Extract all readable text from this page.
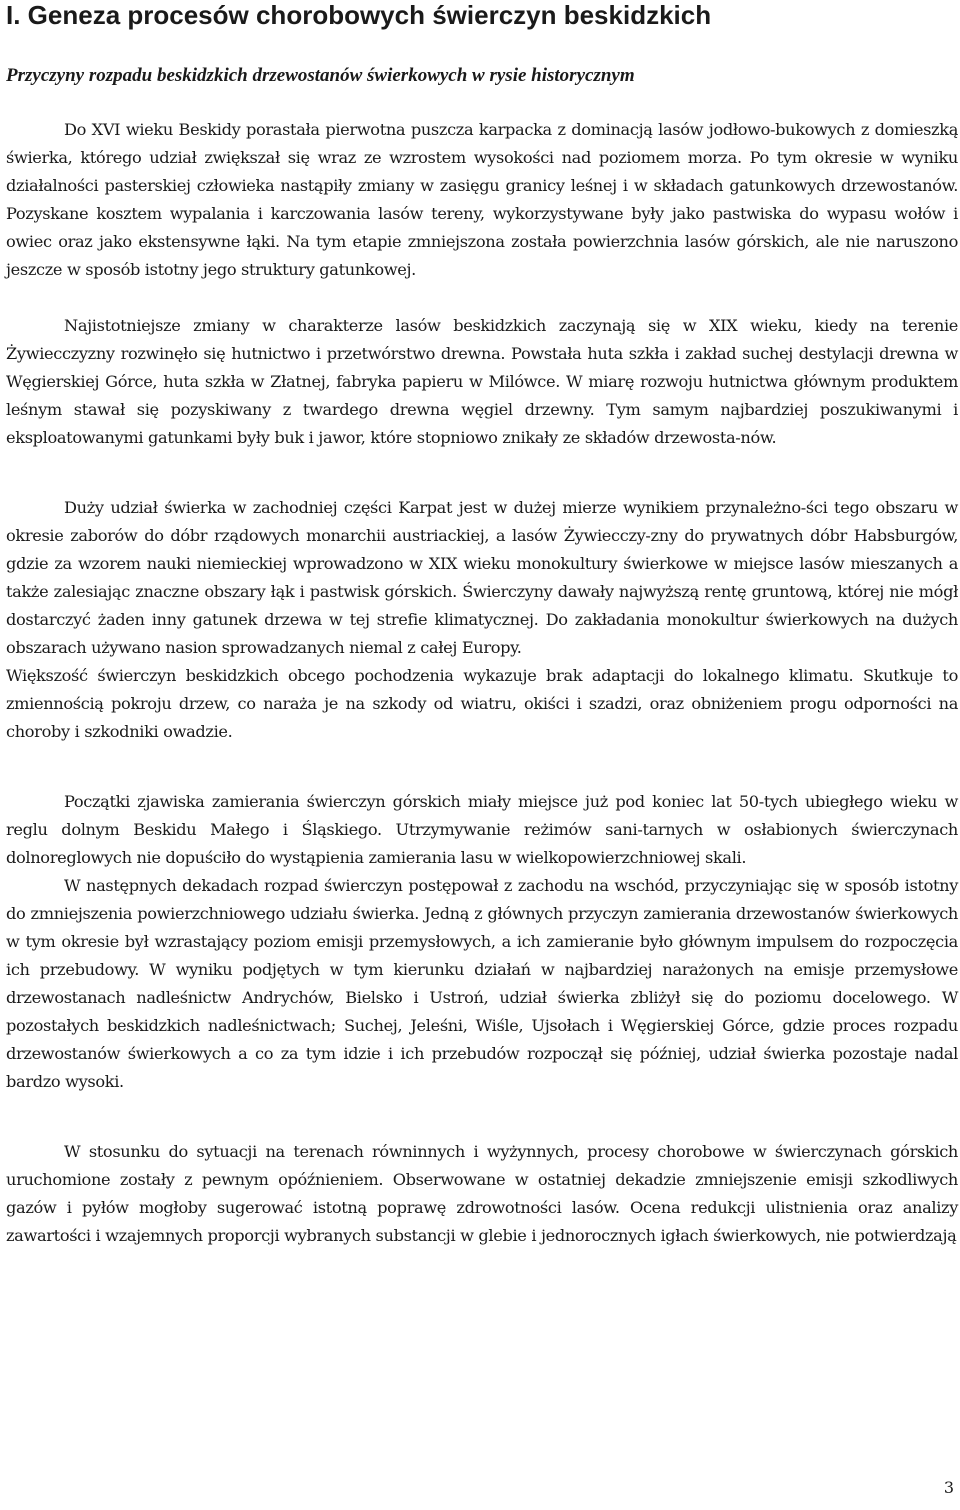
I. Geneza procesów chorobowych świerczyn beskidzkich
Przyczyny rozpadu beskidzkich drzewostanów świerkowych w rysie historycznym

Do XVI wieku Beskidy porastała pierwotna puszcza karpacka z dominacją lasów jodłowo-bukowych z domieszką świerka, którego udział zwiększał się wraz ze wzrostem wysokości nad poziomem morza. Po tym okresie w wyniku działalności pasterskiej człowieka nastąpiły zmiany w zasięgu granicy leśnej i w składach gatunkowych drzewostanów. Pozyskane kosztem wypalania i karczowania lasów tereny, wykorzystywane były jako pastwiska do wypasu wołów i owiec oraz jako ekstensywne łąki. Na tym etapie zmniejszona została powierzchnia lasów górskich, ale nie naruszono jeszcze w sposób istotny jego struktury gatunkowej.

Najistotniejsze zmiany w charakterze lasów beskidzkich zaczynają się w XIX wieku, kiedy na terenie Żywiecczyzny rozwinęło się hutnictwo i przetwórstwo drewna. Powstała huta szkła i zakład suchej destylacji drewna w Węgierskiej Górce, huta szkła w Złatnej, fabryka papieru w Milówce. W miarę rozwoju hutnictwa głównym produktem leśnym stawał się pozyskiwany z twardego drewna węgiel drzewny. Tym samym najbardziej poszukiwanymi i eksploatowanymi gatunkami były buk i jawor, które stopniowo znikały ze składów drzewosta-nów.

Duży udział świerka w zachodniej części Karpat jest w dużej mierze wynikiem przynależno-ści tego obszaru w okresie zaborów do dóbr rządowych monarchii austriackiej, a lasów Żywiecczy-zny do prywatnych dóbr Habsburgów, gdzie za wzorem nauki niemieckiej wprowadzono w XIX wieku monokultury świerkowe w miejsce lasów mieszanych a także zalesiając znaczne obszary łąk i pastwisk górskich. Świerczyny dawały najwyższą rentę gruntową, której nie mógł dostarczyć żaden inny gatunek drzewa w tej strefie klimatycznej. Do zakładania monokultur świerkowych na dużych obszarach używano nasion sprowadzanych niemal z całej Europy.

Większość świerczyn beskidzkich obcego pochodzenia wykazuje brak adaptacji do lokalnego klimatu. Skutkuje to zmiennością pokroju drzew, co naraża je na szkody od wiatru, okiści i szadzi, oraz obniżeniem progu odporności na choroby i szkodniki owadzie.

Początki zjawiska zamierania świerczyn górskich miały miejsce już pod koniec lat 50-tych ubiegłego wieku w reglu dolnym Beskidu Małego i Śląskiego. Utrzymywanie reżimów sani-tarnych w osłabionych świerczynach dolnoreglowych nie dopuściło do wystąpienia zamierania lasu w wielkopowierzchniowej skali.

W następnych dekadach rozpad świerczyn postępował z zachodu na wschód, przyczyniając się w sposób istotny do zmniejszenia powierzchniowego udziału świerka. Jedną z głównych przyczyn zamierania drzewostanów świerkowych w tym okresie był wzrastający poziom emisji przemysłowych, a ich zamieranie było głównym impulsem do rozpoczęcia ich przebudowy. W wyniku podjętych w tym kierunku działań w najbardziej narażonych na emisje przemysłowe drzewostanach nadleśnictw Andrychów, Bielsko i Ustroń, udział świerka zbliżył się do poziomu docelowego. W pozostałych beskidzkich nadleśnictwach; Suchej, Jeleśni, Wiśle, Ujsołach i Węgierskiej Górce, gdzie proces rozpadu drzewostanów świerkowych a co za tym idzie i ich przebudów rozpoczął się później, udział świerka pozostaje nadal bardzo wysoki.

W stosunku do sytuacji na terenach równinnych i wyżynnych, procesy chorobowe w świerczynach górskich uruchomione zostały z pewnym opóźnieniem. Obserwowane w ostatniej dekadzie zmniejszenie emisji szkodliwych gazów i pyłów mogłoby sugerować istotną poprawę zdrowotności lasów. Ocena redukcji ulistnienia oraz analizy zawartości i wzajemnych proporcji wybranych substancji w glebie i jednorocznych igłach świerkowych, nie potwierdzają

3
